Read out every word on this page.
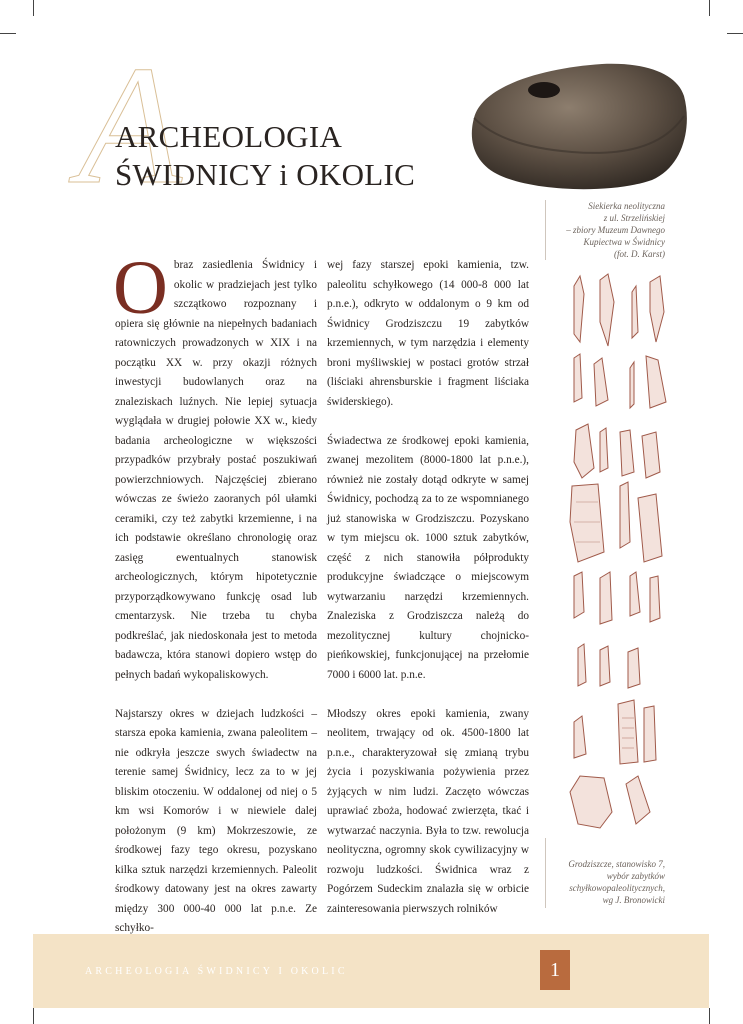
A
ARCHEOLOGIA
ŚWIDNICY i OKOLIC
Siekierka neolityczna
z ul. Strzelińskiej
– zbiory Muzeum Dawnego
Kupiectwa w Świdnicy
(fot. D. Karst)

O braz zasiedlenia Świdnicy i okolic w pradziejach jest tylko szczątkowo rozpoznany i opiera się głównie na niepełnych badaniach ratowniczych prowadzonych w XIX i na początku XX w. przy okazji różnych inwestycji budowlanych oraz na znaleziskach luźnych. Nie lepiej sytuacja wyglądała w drugiej połowie XX w., kiedy badania archeologiczne w większości przypadków przybrały postać poszukiwań powierzchniowych. Najczęściej zbierano wówczas ze świeżo zaoranych pól ułamki ceramiki, czy też zabytki krzemienne, i na ich podstawie określano chronologię oraz zasięg ewentualnych stanowisk archeologicznych, którym hipotetycznie przyporządkowywano funkcję osad lub cmentarzysk. Nie trzeba tu chyba podkreślać, jak niedoskonała jest to metoda badawcza, która stanowi dopiero wstęp do pełnych badań wykopaliskowych.

Najstarszy okres w dziejach ludzkości – starsza epoka kamienia, zwana paleolitem – nie odkryła jeszcze swych świadectw na terenie samej Świdnicy, lecz za to w jej bliskim otoczeniu. W oddalonej od niej o 5 km wsi Komorów i w niewiele dalej położonym (9 km) Mokrzeszowie, ze środkowej fazy tego okresu, pozyskano kilka sztuk narzędzi krzemiennych. Paleolit środkowy datowany jest na okres zawarty między 300 000-40 000 lat p.n.e. Ze schyłko-

wej fazy starszej epoki kamienia, tzw. paleolitu schyłkowego (14 000-8 000 lat p.n.e.), odkryto w oddalonym o 9 km od Świdnicy Grodziszczu 19 zabytków krzemiennych, w tym narzędzia i elementy broni myśliwskiej w postaci grotów strzał (liściaki ahrensburskie i fragment liściaka świderskiego).

Świadectwa ze środkowej epoki kamienia, zwanej mezolitem (8000-1800 lat p.n.e.), również nie zostały dotąd odkryte w samej Świdnicy, pochodzą za to ze wspomnianego już stanowiska w Grodziszczu. Pozyskano w tym miejscu ok. 1000 sztuk zabytków, część z nich stanowiła półprodukty produkcyjne świadczące o miejscowym wytwarzaniu narzędzi krzemiennych. Znaleziska z Grodziszcza należą do mezolitycznej kultury chojnicko-pieńkowskiej, funkcjonującej na przełomie 7000 i 6000 lat. p.n.e.

Młodszy okres epoki kamienia, zwany neolitem, trwający od ok. 4500-1800 lat p.n.e., charakteryzował się zmianą trybu życia i pozyskiwania pożywienia przez żyjących w nim ludzi. Zaczęto wówczas uprawiać zboża, hodować zwierzęta, tkać i wytwarzać naczynia. Była to tzw. rewolucja neolityczna, ogromny skok cywilizacyjny w rozwoju ludzkości. Świdnica wraz z Pogórzem Sudeckim znalazła się w orbicie zainteresowania pierwszych rolników

Grodziszcze, stanowisko 7,
wybór zabytków
schyłkowopaleolitycznych,
wg J. Bronowicki
ARCHEOLOGIA ŚWIDNICY I OKOLIC	1
